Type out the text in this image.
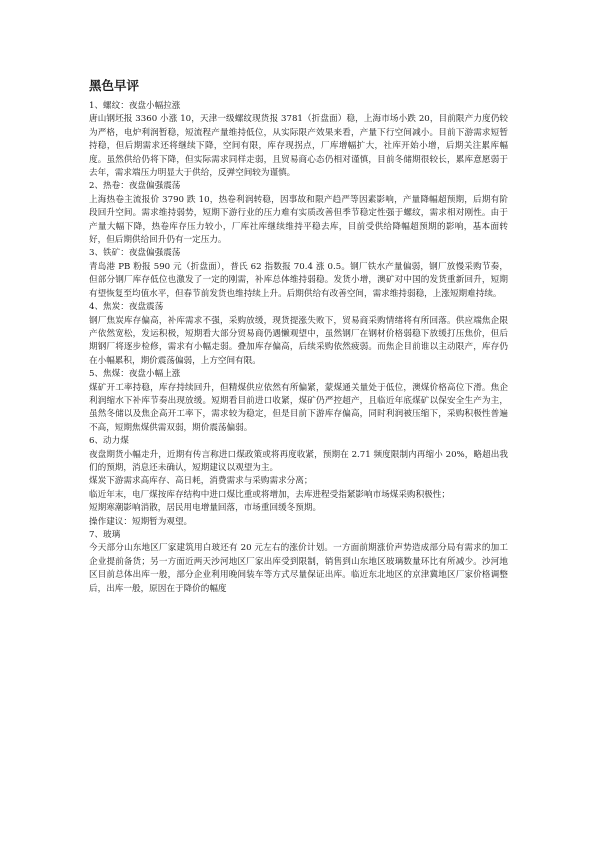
黑色早评

1、螺纹：夜盘小幅拉涨

唐山钢坯报 3360 小涨 10，天津一级螺纹现货报 3781（折盘面）稳，上海市场小跌 20，目前限产力度仍较为严格，电炉利润暂稳，短流程产量维持低位，从实际限产效果来看，产量下行空间减小。目前下游需求短暂持稳，但后期需求还将继续下降，空间有限，库存现拐点，厂库增幅扩大，社库开始小增，后期关注累库幅度。虽然供给仍将下降，但实际需求同样走弱，且贸易商心态仍相对谨慎，目前冬储期很较长，累库意愿弱于去年，需求端压力明显大于供给，反弹空间较为谨慎。

2、热卷：夜盘偏强震荡

上海热卷主流报价 3790 跌 10，热卷利润转稳，因事故和限产趋严等因素影响，产量降幅超预期，后期有阶段回升空间。需求维持弱势，短期下游行业的压力难有实质改善但季节稳定性强于螺纹，需求相对刚性。由于产量大幅下降，热卷库存压力较小，厂库社库继续维持平稳去库，目前受供给降幅超预期的影响，基本面转好，但后期供给回升仍有一定压力。

3、铁矿：夜盘偏强震荡

青岛港 PB 粉报 590 元（折盘面），普氏 62 指数报 70.4 涨 0.5。钢厂铁水产量偏弱，钢厂放慢采购节奏，但部分钢厂库存低位也激发了一定的刚需，补库总体维持弱稳。发货小增，澳矿对中国的发货重新回升，短期有望恢复至均值水平，但春节前发货也维持续上升。后期供给有改善空间，需求维持弱稳，上涨短期难持续。

4、焦炭：夜盘震荡

钢厂焦炭库存偏高，补库需求不强，采购放缓，现货提涨失败下，贸易商采购情绪将有所回落。供应端焦企限产依然宽松，发运积极，短期看大部分贸易商仍遇懒观望中，虽然钢厂在钢材价格弱稳下放缓打压焦价，但后期钢厂将逐步检修，需求有小幅走弱。叠加库存偏高，后续采购依然疲弱。而焦企目前谁以主动限产，库存仍在小幅累积，期价震荡偏弱，上方空间有限。

5、焦煤：夜盘小幅上涨

煤矿开工率持稳，库存持续回升，但精煤供应依然有所偏紧，蒙煤通关量处于低位，澳煤价格高位下滑。焦企利润缩水下补库节奏出现放缓。短期看目前进口收紧，煤矿仍严控超产，且临近年底煤矿以保安全生产为主，虽然冬储以及焦企高开工率下，需求较为稳定，但是目前下游库存偏高，同时利润被压缩下，采购积极性普遍不高，短期焦煤供需双弱，期价震荡偏弱。

6、动力煤

夜盘期货小幅走升，近期有传言称进口煤政策或将再度收紧，预期在 2.71 频度限制内再缩小 20%，略超出我们的预期，消息还未确认，短期建议以观望为主。

煤炭下游需求高库存、高日耗，消费需求与采购需求分离；

临近年末，电厂煤按库存结构中进口煤比重或将增加，去库进程受指紧影响市场煤采购积极性；

短期寒潮影响消散，居民用电增量回落，市场重回缓冬预期。

操作建议：短期暂为观望。

7、玻璃

今天部分山东地区厂家建筑用白玻还有 20 元左右的涨价计划。一方面前期涨价声势造成部分局有需求的加工企业提前备货；另一方面近两天沙河地区厂家出库受到限制，销售到山东地区玻璃数量环比有所减少。沙河地区目前总体出库一般，部分企业利用晚间装车等方式尽量保证出库。临近东北地区的京津冀地区厂家价格调整后，出库一般，原因在于降价的幅度
